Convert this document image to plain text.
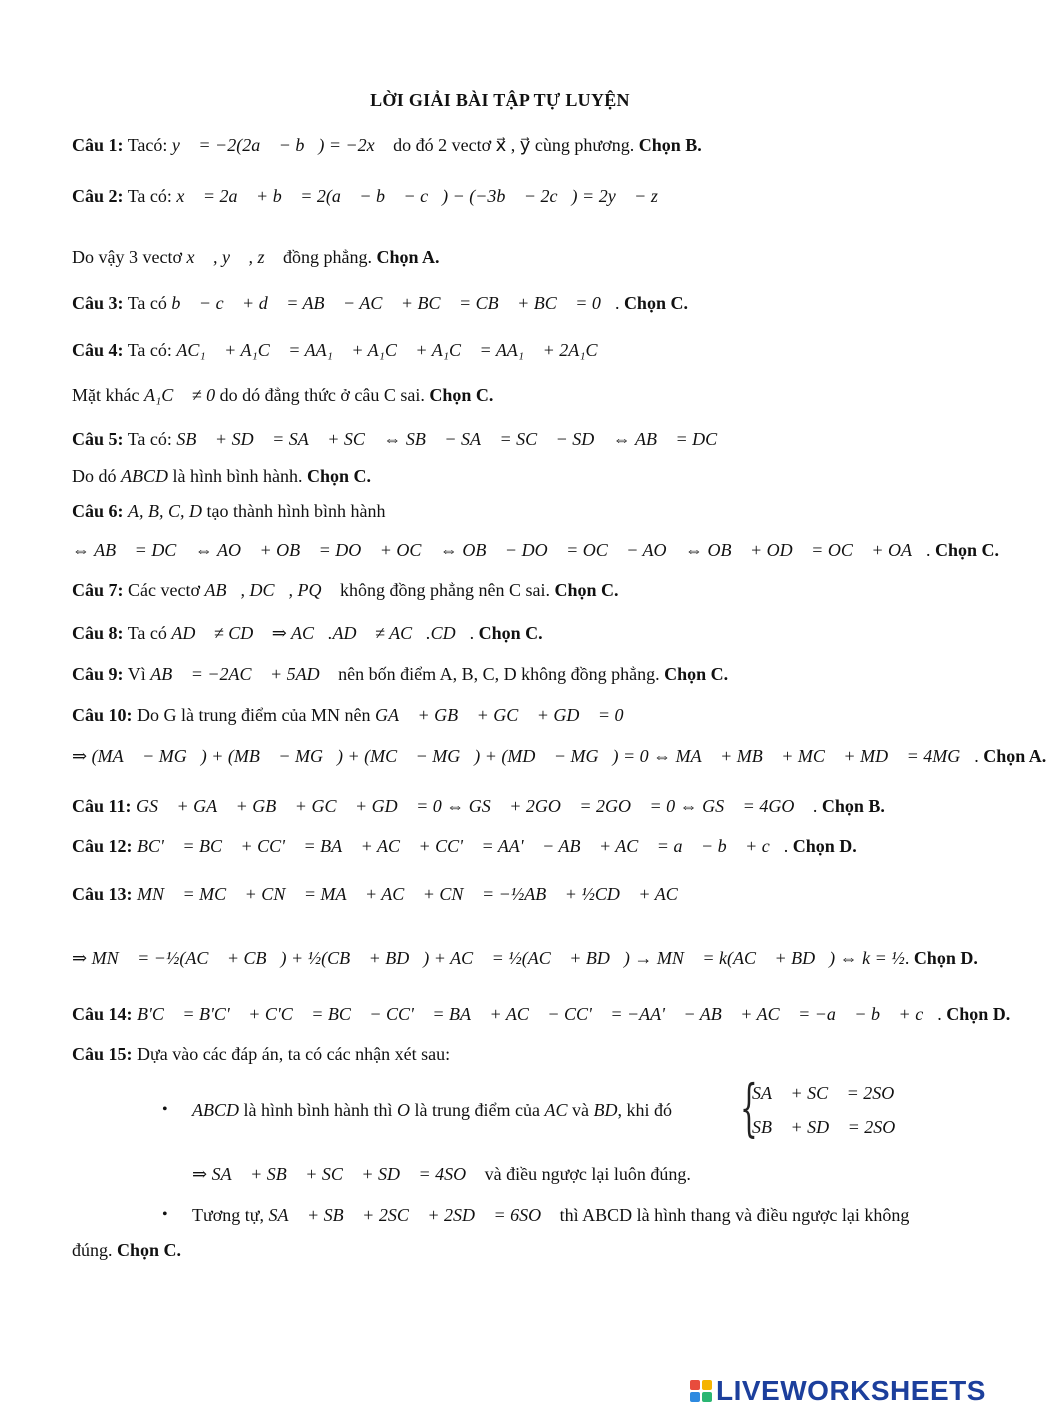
LỜI GIẢI BÀI TẬP TỰ LUYỆN
Câu 1: Tacó: y⃗ = −2(2a⃗ − b⃗) = −2x⃗ do đó 2 vectơ x⃗ , y⃗ cùng phương. Chọn B.
Câu 2: Ta có: x⃗ = 2a⃗ + b⃗ = 2(a⃗ − b⃗ − c⃗) − (−3b⃗ − 2c⃗) = 2y⃗ − z⃗
Do vậy 3 vectơ x⃗ , y⃗ , z⃗ đồng phẳng. Chọn A.
Câu 3: Ta có b⃗ − c⃗ + d⃗ = AB⃗ − AC⃗ + BC⃗ = CB⃗ + BC⃗ = 0⃗. Chọn C.
Câu 4: Ta có: AC₁⃗ + A₁C⃗ = AA₁⃗ + A₁C⃗ + A₁C⃗ = AA₁⃗ + 2A₁C⃗
Mặt khác A₁C⃗ ≠ 0 do dó đẳng thức ở câu C sai. Chọn C.
Câu 5: Ta có: SB⃗ + SD⃗ = SA⃗ + SC⃗ ⇔ SB⃗ − SA⃗ = SC⃗ − SD⃗ ⇔ AB⃗ = DC⃗
Do dó ABCD là hình bình hành. Chọn C.
Câu 6: A, B, C, D tạo thành hình bình hành
⇔ AB⃗ = DC⃗ ⇔ AO⃗ + OB⃗ = DO⃗ + OC⃗ ⇔ OB⃗ − DO⃗ = OC⃗ − AO⃗ ⇔ OB⃗ + OD⃗ = OC⃗ + OA⃗. Chọn C.
Câu 7: Các vectơ AB⃗, DC⃗, PQ⃗ không đồng phẳng nên C sai. Chọn C.
Câu 8: Ta có AD⃗ ≠ CD⃗ ⇒ AC⃗.AD⃗ ≠ AC⃗.CD⃗. Chọn C.
Câu 9: Vì AB⃗ = −2AC⃗ + 5AD⃗ nên bốn điểm A, B, C, D không đồng phẳng. Chọn C.
Câu 10: Do G là trung điểm của MN nên GA⃗ + GB⃗ + GC⃗ + GD⃗ = 0⃗
⇒ (MA⃗ − MG⃗) + (MB⃗ − MG⃗) + (MC⃗ − MG⃗) + (MD⃗ − MG⃗) = 0 ⇔ MA⃗ + MB⃗ + MC⃗ + MD⃗ = 4MG⃗. Chọn A.
Câu 11: GS⃗ + GA⃗ + GB⃗ + GC⃗ + GD⃗ = 0 ⇔ GS⃗ + 2GO⃗ = 2GO⃗ = 0 ⇔ GS⃗ = 4GO⃗ . Chọn B.
Câu 12: BC'⃗ = BC⃗ + CC'⃗ = BA⃗ + AC⃗ + CC'⃗ = AA'⃗ − AB⃗ + AC⃗ = a⃗ − b⃗ + c⃗. Chọn D.
Câu 13: MN⃗ = MC⃗ + CN⃗ = MA⃗ + AC⃗ + CN⃗ = −½AB⃗ + ½CD⃗ + AC⃗
⇒ MN⃗ = −½(AC⃗ + CB⃗) + ½(CB⃗ + BD⃗) + AC⃗ = ½(AC⃗ + BD⃗) → MN⃗ = k(AC⃗ + BD⃗) ⇔ k = ½. Chọn D.
Câu 14: B'C⃗ = B'C'⃗ + C'C⃗ = BC⃗ − CC'⃗ = BA⃗ + AC⃗ − CC'⃗ = −AA'⃗ − AB⃗ + AC⃗ = −a⃗ − b⃗ + c⃗. Chọn D.
Câu 15: Dựa vào các đáp án, ta có các nhận xét sau:
• ABCD là hình bình hành thì O là trung điểm của AC và BD, khi đó {
SA⃗ + SC⃗ = 2SO⃗
SB⃗ + SD⃗ = 2SO⃗
⇒ SA⃗ + SB⃗ + SC⃗ + SD⃗ = 4SO⃗ và điều ngược lại luôn đúng.
• Tương tự, SA⃗ + SB⃗ + 2SC⃗ + 2SD⃗ = 6SO⃗ thì ABCD là hình thang và điều ngược lại không
đúng. Chọn C.
LIVEWORKSHEETS
